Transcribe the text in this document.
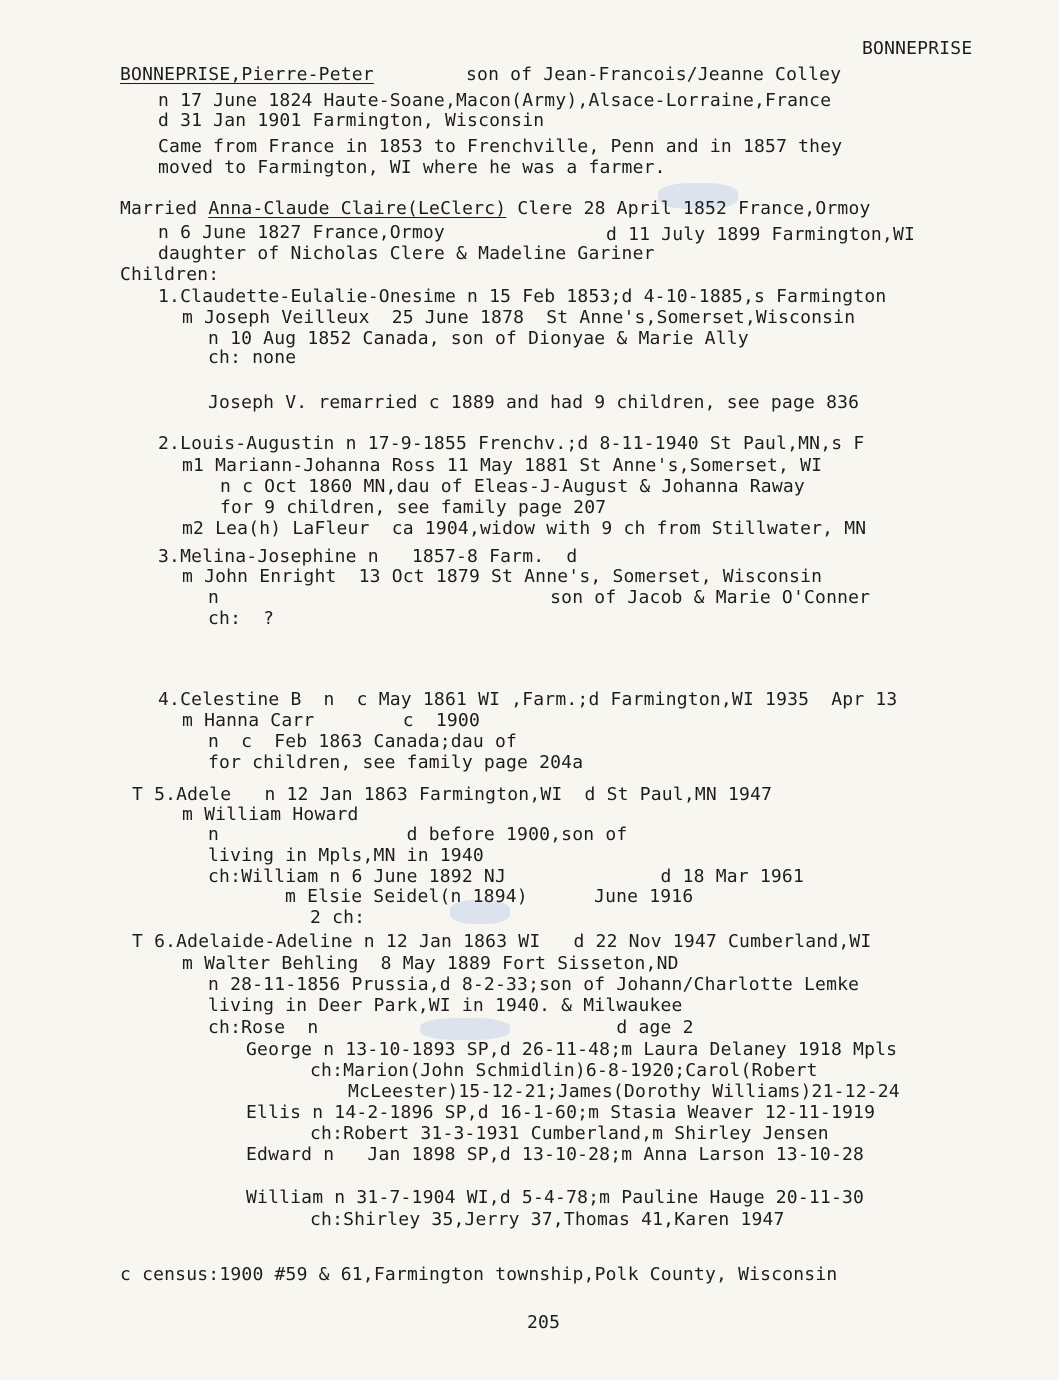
BONNEPRISE
BONNEPRISE,Pierre-Peter	son of Jean-Francois/Jeanne Colley
n 17 June 1824 Haute-Soane,Macon(Army),Alsace-Lorraine,France
d 31 Jan 1901 Farmington, Wisconsin
Came from France in 1853 to Frenchville, Penn and in 1857 they
moved to Farmington, WI where he was a farmer.
Married Anna-Claude Claire(LeClerc) Clere 28 April 1852 France,Ormoy
n 6 June 1827 France,Ormoy	d 11 July 1899 Farmington,WI
daughter of Nicholas Clere & Madeline Gariner
Children:
1.Claudette-Eulalie-Onesime n 15 Feb 1853;d 4-10-1885,s Farmington
m Joseph Veilleux  25 June 1878  St Anne's,Somerset,Wisconsin
n 10 Aug 1852 Canada, son of Dionyae & Marie Ally
ch: none
Joseph V. remarried c 1889 and had 9 children, see page 836
2.Louis-Augustin n 17-9-1855 Frenchv.;d 8-11-1940 St Paul,MN,s F
m1 Mariann-Johanna Ross 11 May 1881 St Anne's,Somerset, WI
n c Oct 1860 MN,dau of Eleas-J-August & Johanna Raway
for 9 children, see family page 207
m2 Lea(h) LaFleur  ca 1904,widow with 9 ch from Stillwater, MN
3.Melina-Josephine n   1857-8 Farm.  d
m John Enright  13 Oct 1879 St Anne's, Somerset, Wisconsin
n                              son of Jacob & Marie O'Conner
ch:  ?
4.Celestine B  n  c May 1861 WI ,Farm.;d Farmington,WI 1935  Apr 13
m Hanna Carr        c  1900
n  c  Feb 1863 Canada;dau of
for children, see family page 204a
T 5.Adele   n 12 Jan 1863 Farmington,WI  d St Paul,MN 1947
m William Howard
n                 d before 1900,son of
living in Mpls,MN in 1940
ch:William n 6 June 1892 NJ              d 18 Mar 1961
m Elsie Seidel(n 1894)      June 1916
2 ch:
T 6.Adelaide-Adeline n 12 Jan 1863 WI   d 22 Nov 1947 Cumberland,WI
m Walter Behling  8 May 1889 Fort Sisseton,ND
n 28-11-1856 Prussia,d 8-2-33;son of Johann/Charlotte Lemke
living in Deer Park,WI in 1940. & Milwaukee
ch:Rose  n                           d age 2
George n 13-10-1893 SP,d 26-11-48;m Laura Delaney 1918 Mpls
ch:Marion(John Schmidlin)6-8-1920;Carol(Robert
McLeester)15-12-21;James(Dorothy Williams)21-12-24
Ellis n 14-2-1896 SP,d 16-1-60;m Stasia Weaver 12-11-1919
ch:Robert 31-3-1931 Cumberland,m Shirley Jensen
Edward n   Jan 1898 SP,d 13-10-28;m Anna Larson 13-10-28
William n 31-7-1904 WI,d 5-4-78;m Pauline Hauge 20-11-30
ch:Shirley 35,Jerry 37,Thomas 41,Karen 1947
c census:1900 #59 & 61,Farmington township,Polk County, Wisconsin
205
